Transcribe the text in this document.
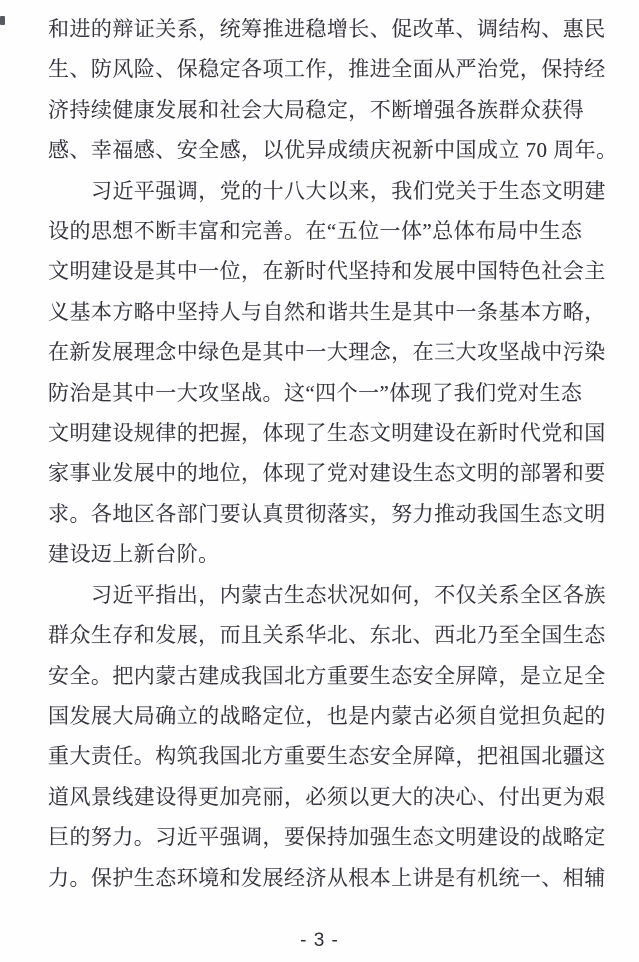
和进的辩证关系，统筹推进稳增长、促改革、调结构、惠民
生、防风险、保稳定各项工作，推进全面从严治党，保持经
济持续健康发展和社会大局稳定，不断增强各族群众获得
感、幸福感、安全感，以优异成绩庆祝新中国成立 70 周年。
习近平强调，党的十八大以来，我们党关于生态文明建
设的思想不断丰富和完善。在“五位一体”总体布局中生态
文明建设是其中一位，在新时代坚持和发展中国特色社会主
义基本方略中坚持人与自然和谐共生是其中一条基本方略，
在新发展理念中绿色是其中一大理念，在三大攻坚战中污染
防治是其中一大攻坚战。这“四个一”体现了我们党对生态
文明建设规律的把握，体现了生态文明建设在新时代党和国
家事业发展中的地位，体现了党对建设生态文明的部署和要
求。各地区各部门要认真贯彻落实，努力推动我国生态文明
建设迈上新台阶。
习近平指出，内蒙古生态状况如何，不仅关系全区各族
群众生存和发展，而且关系华北、东北、西北乃至全国生态
安全。把内蒙古建成我国北方重要生态安全屏障，是立足全
国发展大局确立的战略定位，也是内蒙古必须自觉担负起的
重大责任。构筑我国北方重要生态安全屏障，把祖国北疆这
道风景线建设得更加亮丽，必须以更大的决心、付出更为艰
巨的努力。习近平强调，要保持加强生态文明建设的战略定
力。保护生态环境和发展经济从根本上讲是有机统一、相辅
- 3 -
